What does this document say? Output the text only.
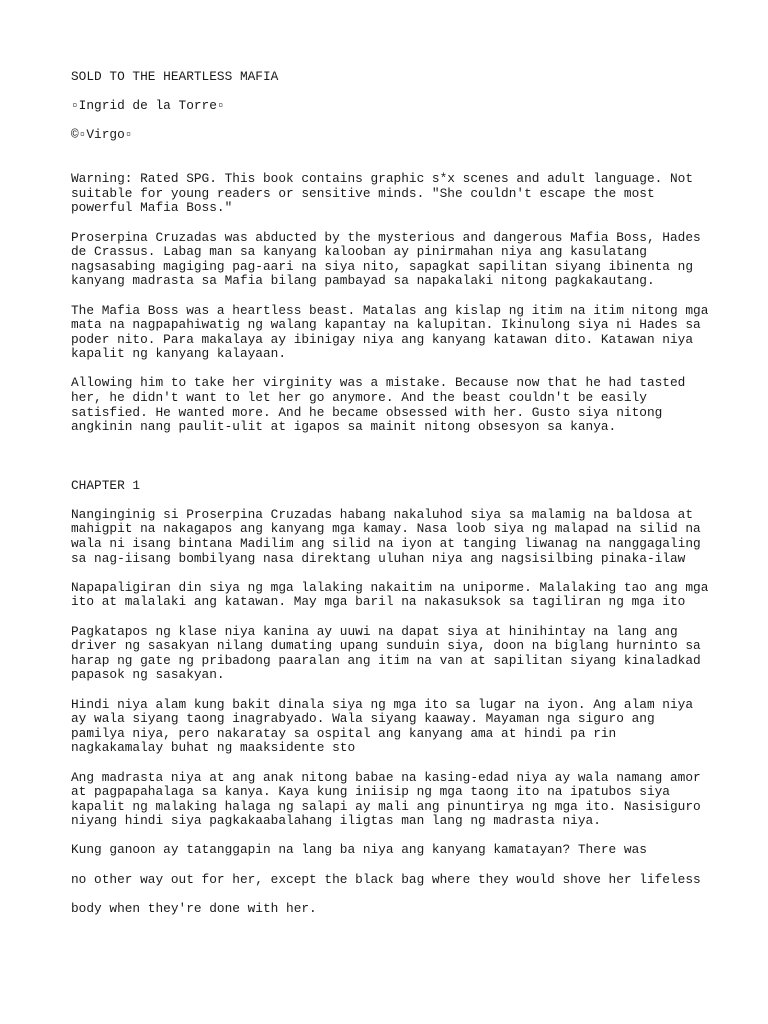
SOLD TO THE HEARTLESS MAFIA
▫Ingrid de la Torre▫
©▫Virgo▫
Warning: Rated SPG. This book contains graphic s*x scenes and adult language. Not
suitable for young readers or sensitive minds. "She couldn't escape the most
powerful Mafia Boss."
Proserpina Cruzadas was abducted by the mysterious and dangerous Mafia Boss, Hades
de Crassus. Labag man sa kanyang kalooban ay pinirmahan niya ang kasulatang
nagsasabing magiging pag-aari na siya nito, sapagkat sapilitan siyang ibinenta ng
kanyang madrasta sa Mafia bilang pambayad sa napakalaki nitong pagkakautang.
The Mafia Boss was a heartless beast. Matalas ang kislap ng itim na itim nitong mga
mata na nagpapahiwatig ng walang kapantay na kalupitan. Ikinulong siya ni Hades sa
poder nito. Para makalaya ay ibinigay niya ang kanyang katawan dito. Katawan niya
kapalit ng kanyang kalayaan.
Allowing him to take her virginity was a mistake. Because now that he had tasted
her, he didn't want to let her go anymore. And the beast couldn't be easily
satisfied. He wanted more. And he became obsessed with her. Gusto siya nitong
angkinin nang paulit-ulit at igapos sa mainit nitong obsesyon sa kanya.
CHAPTER 1
Nanginginig si Proserpina Cruzadas habang nakaluhod siya sa malamig na baldosa at
mahigpit na nakagapos ang kanyang mga kamay. Nasa loob siya ng malapad na silid na
wala ni isang bintana Madilim ang silid na iyon at tanging liwanag na nanggagaling
sa nag-iisang bombilyang nasa direktang uluhan niya ang nagsisilbing pinaka-ilaw
Napapaligiran din siya ng mga lalaking nakaitim na uniporme. Malalaking tao ang mga
ito at malalaki ang katawan. May mga baril na nakasuksok sa tagiliran ng mga ito
Pagkatapos ng klase niya kanina ay uuwi na dapat siya at hinihintay na lang ang
driver ng sasakyan nilang dumating upang sunduin siya, doon na biglang hurninto sa
harap ng gate ng pribadong paaralan ang itim na van at sapilitan siyang kinaladkad
papasok ng sasakyan.
Hindi niya alam kung bakit dinala siya ng mga ito sa lugar na iyon. Ang alam niya
ay wala siyang taong inagrabyado. Wala siyang kaaway. Mayaman nga siguro ang
pamilya niya, pero nakaratay sa ospital ang kanyang ama at hindi pa rin
nagkakamalay buhat ng maaksidente sto
Ang madrasta niya at ang anak nitong babae na kasing-edad niya ay wala namang amor
at pagpapahalaga sa kanya. Kaya kung iniisip ng mga taong ito na ipatubos siya
kapalit ng malaking halaga ng salapi ay mali ang pinuntirya ng mga ito. Nasisiguro
niyang hindi siya pagkakaabalahang iligtas man lang ng madrasta niya.
Kung ganoon ay tatanggapin na lang ba niya ang kanyang kamatayan? There was
no other way out for her, except the black bag where they would shove her lifeless
body when they're done with her.
